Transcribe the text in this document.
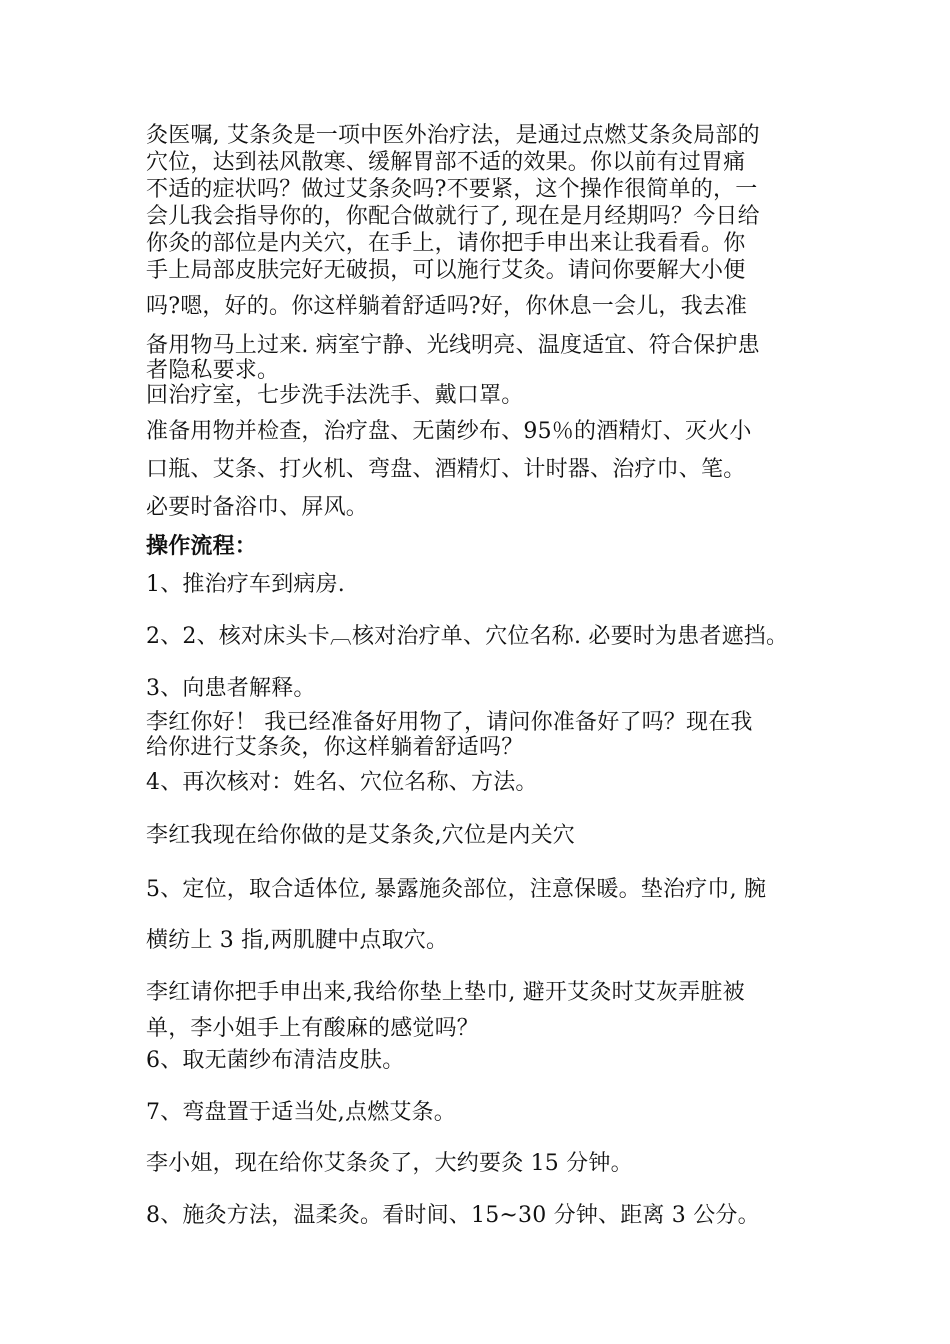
灸医嘱, 艾条灸是一项中医外治疗法，是通过点燃艾条灸局部的
穴位，达到祛风散寒、缓解胃部不适的效果。你以前有过胃痛
不适的症状吗？做过艾条灸吗?不要紧，这个操作很简单的，一
会儿我会指导你的，你配合做就行了, 现在是月经期吗？今日给
你灸的部位是内关穴，在手上，请你把手申出来让我看看。你
手上局部皮肤完好无破损，可以施行艾灸。请问你要解大小便
吗?嗯，好的。你这样躺着舒适吗?好，你休息一会儿，我去准
备用物马上过来. 病室宁静、光线明亮、温度适宜、符合保护患
者隐私要求。
回治疗室，七步洗手法洗手、戴口罩。
准备用物并检查，治疗盘、无菌纱布、95％的酒精灯、灭火小
口瓶、艾条、打火机、弯盘、酒精灯、计时器、治疗巾、笔。
必要时备浴巾、屏风。
操作流程：
1、推治疗车到病房.
2、2、核对床头卡︹核对治疗单、穴位名称. 必要时为患者遮挡。
3、向患者解释。
李红你好！ 我已经准备好用物了，请问你准备好了吗？现在我
给你进行艾条灸，你这样躺着舒适吗？
4、再次核对：姓名、穴位名称、方法。
李红我现在给你做的是艾条灸,穴位是内关穴
5、定位，取合适体位, 暴露施灸部位，注意保暖。垫治疗巾, 腕
横纺上 3 指,两肌腱中点取穴。
李红请你把手申出来,我给你垫上垫巾, 避开艾灸时艾灰弄脏被
单，李小姐手上有酸麻的感觉吗？
6、取无菌纱布清洁皮肤。
7、弯盘置于适当处,点燃艾条。
李小姐，现在给你艾条灸了，大约要灸 15 分钟。
8、施灸方法，温柔灸。看时间、15~30 分钟、距离 3 公分。
